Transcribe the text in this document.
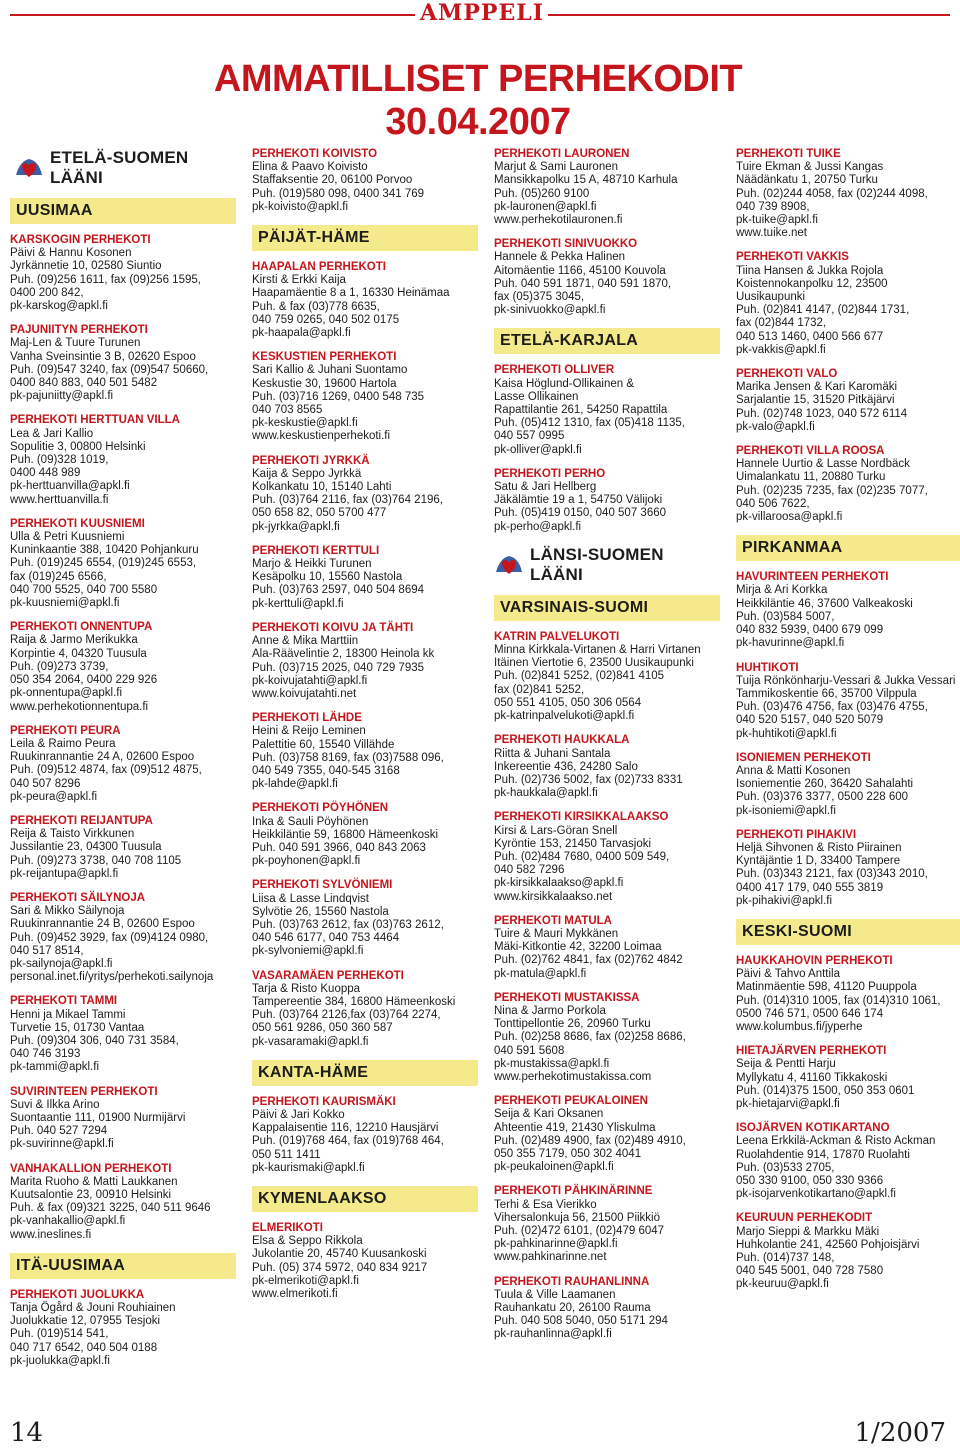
AMPPELI
AMMATILLISET PERHEKODIT 30.04.2007
ETELÄ-SUOMEN LÄÄNI
UUSIMAA
KARSKOGIN PERHEKOTI
Päivi & Hannu Kosonen
Jyrkännetie 10, 02580 Siuntio
Puh. (09)256 1611, fax (09)256 1595,
0400 200 842,
pk-karskog@apkl.fi
PAJUNIITYN PERHEKOTI
Maj-Len & Tuure Turunen
Vanha Sveinsintie 3 B, 02620 Espoo
Puh. (09)547 3240, fax (09)547 50660,
0400 840 883, 040 501 5482
pk-pajuniitty@apkl.fi
PERHEKOTI HERTTUAN VILLA
Lea & Jari Kallio
Sopulitie 3, 00800 Helsinki
Puh. (09)328 1019,
0400 448 989
pk-herttuanvilla@apkl.fi
www.herttuanvilla.fi
PERHEKOTI KUUSNIEMI
Ulla & Petri Kuusniemi
Kuninkaantie 388, 10420 Pohjankuru
Puh. (019)245 6554, (019)245 6553,
fax (019)245 6566,
040 700 5525, 040 700 5580
pk-kuusniemi@apkl.fi
PERHEKOTI ONNENTUPA
Raija & Jarmo Merikukka
Korpintie 4, 04320 Tuusula
Puh. (09)273 3739,
050 354 2064, 0400 229 926
pk-onnentupa@apkl.fi
www.perhekotionnentupa.fi
PERHEKOTI PEURA
Leila & Raimo Peura
Ruukinrannantie 24 A, 02600 Espoo
Puh. (09)512 4874, fax (09)512 4875,
040 507 8296
pk-peura@apkl.fi
PERHEKOTI REIJANTUPA
Reija & Taisto Virkkunen
Jussilantie 23, 04300 Tuusula
Puh. (09)273 3738, 040 708 1105
pk-reijantupa@apkl.fi
PERHEKOTI SÄILYNOJA
Sari & Mikko Säilynoja
Ruukinrannantie 24 B, 02600 Espoo
Puh. (09)452 3929, fax (09)4124 0980,
040 517 8514,
pk-sailynoja@apkl.fi
personal.inet.fi/yritys/perhekoti.sailynoja
PERHEKOTI TAMMI
Henni ja Mikael Tammi
Turvetie 15, 01730 Vantaa
Puh. (09)304 306, 040 731 3584,
040 746 3193
pk-tammi@apkl.fi
SUVIRINTEEN PERHEKOTI
Suvi & Ilkka Arino
Suontaantie 111, 01900 Nurmijärvi
Puh. 040 527 7294
pk-suvirinne@apkl.fi
VANHAKALLION PERHEKOTI
Marita Ruoho & Matti Laukkanen
Kuutsalontie 23, 00910 Helsinki
Puh. & fax (09)321 3225, 040 511 9646
pk-vanhakallio@apkl.fi
www.ineslines.fi
ITÄ-UUSIMAA
PERHEKOTI JUOLUKKA
Tanja Ögård & Jouni Rouhiainen
Juolukkatie 12, 07955 Tesjoki
Puh. (019)514 541,
040 717 6542, 040 504 0188
pk-juolukka@apkl.fi
PERHEKOTI KOIVISTO
Elina & Paavo Koivisto
Staffaksentie 20, 06100 Porvoo
Puh. (019)580 098, 0400 341 769
pk-koivisto@apkl.fi
PÄIJÄT-HÄME
HAAPALAN PERHEKOTI
Kirsti & Erkki Kaija
Haapamäentie 8 a 1, 16330 Heinämaa
Puh. & fax (03)778 6635,
040 759 0265, 040 502 0175
pk-haapala@apkl.fi
KESKUSTIEN PERHEKOTI
Sari Kallio & Juhani Suontamo
Keskustie 30, 19600 Hartola
Puh. (03)716 1269, 0400 548 735
040 703 8565
pk-keskustie@apkl.fi
www.keskustienperhekoti.fi
PERHEKOTI JYRKKÄ
Kaija & Seppo Jyrkkä
Kolkankatu 10, 15140 Lahti
Puh. (03)764 2116, fax (03)764 2196,
050 658 82, 050 5700 477
pk-jyrkka@apkl.fi
PERHEKOTI KERTTULI
Marjo & Heikki Turunen
Kesäpolku 10, 15560 Nastola
Puh. (03)763 2597, 040 504 8694
pk-kerttuli@apkl.fi
PERHEKOTI KOIVU JA TÄHTI
Anne & Mika Marttiin
Ala-Räävelintie 2, 18300 Heinola kk
Puh. (03)715 2025, 040 729 7935
pk-koivujatahti@apkl.fi
www.koivujatahti.net
PERHEKOTI LÄHDE
Heini & Reijo Leminen
Palettitie 60, 15540 Villähde
Puh. (03)758 8169, fax (03)7588 096,
040 549 7355, 040-545 3168
pk-lahde@apkl.fi
PERHEKOTI PÖYHÖNEN
Inka & Sauli Pöyhönen
Heikkiläntie 59, 16800 Hämeenkoski
Puh. 040 591 3966, 040 843 2063
pk-poyhonen@apkl.fi
PERHEKOTI SYLVÖNIEMI
Liisa & Lasse Lindqvist
Sylvötie 26, 15560 Nastola
Puh. (03)763 2612, fax (03)763 2612,
040 546 6177, 040 753 4464
pk-sylvoniemi@apkl.fi
VASARAMÄEN PERHEKOTI
Tarja & Risto Kuoppa
Tampereentie 384, 16800 Hämeenkoski
Puh. (03)764 2126,fax (03)764 2274,
050 561 9286, 050 360 587
pk-vasaramaki@apkl.fi
KANTA-HÄME
PERHEKOTI KAURISMÄKI
Päivi & Jari Kokko
Kappalaisentie 116, 12210 Hausjärvi
Puh. (019)768 464, fax (019)768 464,
050 511 1411
pk-kaurismaki@apkl.fi
KYMENLAAKSO
ELMERIKOTI
Elsa & Seppo Rikkola
Jukolantie 20, 45740 Kuusankoski
Puh. (05) 374 5972, 040 834 9217
pk-elmerikoti@apkl.fi
www.elmerikoti.fi
PERHEKOTI LAURONEN
Marjut & Sami Lauronen
Mansikkapolku 15 A, 48710 Karhula
Puh. (05)260 9100
pk-lauronen@apkl.fi
www.perhekotilauronen.fi
PERHEKOTI SINIVUOKKO
Hannele & Pekka Halinen
Aitomäentie 1166, 45100 Kouvola
Puh. 040 591 1871, 040 591 1870,
fax (05)375 3045,
pk-sinivuokko@apkl.fi
ETELÄ-KARJALA
PERHEKOTI OLLIVER
Kaisa Höglund-Ollikainen &
Lasse Ollikainen
Rapattilantie 261, 54250 Rapattila
Puh. (05)412 1310, fax (05)418 1135,
040 557 0995
pk-olliver@apkl.fi
PERHEKOTI PERHO
Satu & Jari Hellberg
Jäkälämtie 19 a 1, 54750 Välijoki
Puh. (05)419 0150, 040 507 3660
pk-perho@apkl.fi
LÄNSI-SUOMEN LÄÄNI
VARSINAIS-SUOMI
KATRIN PALVELUKOTI
Minna Kirkkala-Virtanen & Harri Virtanen
Itäinen Viertotie 6, 23500 Uusikaupunki
Puh. (02)841 5252, (02)841 4105
fax (02)841 5252,
050 551 4105, 050 306 0564
pk-katrinpalvelukoti@apkl.fi
PERHEKOTI HAUKKALA
Riitta & Juhani Santala
Inkereentie 436, 24280 Salo
Puh. (02)736 5002, fax (02)733 8331
pk-haukkala@apkl.fi
PERHEKOTI KIRSIKKALAAKSO
Kirsi & Lars-Göran Snell
Kyröntie 153, 21450 Tarvasjoki
Puh. (02)484 7680, 0400 509 549,
040 582 7296
pk-kirsikkalaakso@apkl.fi
www.kirsikkalaakso.net
PERHEKOTI MATULA
Tuire & Mauri Mykkänen
Mäki-Kitkontie 42, 32200 Loimaa
Puh. (02)762 4841, fax (02)762 4842
pk-matula@apkl.fi
PERHEKOTI MUSTAKISSA
Nina & Jarmo Porkola
Tonttipellontie 26, 20960 Turku
Puh. (02)258 8686, fax (02)258 8686,
040 591 5608
pk-mustakissa@apkl.fi
www.perhekotimustakissa.com
PERHEKOTI PEUKALOINEN
Seija & Kari Oksanen
Ahteentie 419, 21430 Yliskulma
Puh. (02)489 4900, fax (02)489 4910,
050 355 7179, 050 302 4041
pk-peukaloinen@apkl.fi
PERHEKOTI PÄHKINÄRINNE
Terhi & Esa Vierikko
Vihersalonkuja 56, 21500 Piikkiö
Puh. (02)472 6101, (02)479 6047
pk-pahkinarinne@apkl.fi
www.pahkinarinne.net
PERHEKOTI RAUHANLINNA
Tuula & Ville Laamanen
Rauhankatu 20, 26100 Rauma
Puh. 040 508 5040, 050 5171 294
pk-rauhanlinna@apkl.fi
PERHEKOTI TUIKE
Tuire Ekman & Jussi Kangas
Näädänkatu 1, 20750 Turku
Puh. (02)244 4058, fax (02)244 4098,
040 739 8908,
pk-tuike@apkl.fi
www.tuike.net
PERHEKOTI VAKKIS
Tiina Hansen & Jukka Rojola
Koistennokanpolku 12, 23500
Uusikaupunki
Puh. (02)841 4147, (02)844 1731,
fax (02)844 1732,
040 513 1460, 0400 566 677
pk-vakkis@apkl.fi
PERHEKOTI VALO
Marika Jensen & Kari Karomäki
Sarjalantie 15, 31520 Pitkäjärvi
Puh. (02)748 1023, 040 572 6114
pk-valo@apkl.fi
PERHEKOTI VILLA ROOSA
Hannele Uurtio & Lasse Nordbäck
Uimalankatu 11, 20880 Turku
Puh. (02)235 7235, fax (02)235 7077,
040 506 7622,
pk-villaroosa@apkl.fi
PIRKANMAA
HAVURINTEEN PERHEKOTI
Mirja & Ari Korkka
Heikkiläntie 46, 37600 Valkeakoski
Puh. (03)584 5007,
040 832 5939, 0400 679 099
pk-havurinne@apkl.fi
HUHTIKOTI
Tuija Rönkönharju-Vessari & Jukka Vessari
Tammikoskentie 66, 35700 Vilppula
Puh. (03)476 4756, fax (03)476 4755,
040 520 5157, 040 520 5079
pk-huhtikoti@apkl.fi
ISONIEMEN PERHEKOTI
Anna & Matti Kosonen
Isoniementie 260, 36420 Sahalahti
Puh. (03)376 3377, 0500 228 600
pk-isoniemi@apkl.fi
PERHEKOTI PIHAKIVI
Heljä Sihvonen & Risto Piirainen
Kyntäjäntie 1 D, 33400 Tampere
Puh. (03)343 2121, fax (03)343 2010,
0400 417 179, 040 555 3819
pk-pihakivi@apkl.fi
KESKI-SUOMI
HAUKKAHOVIN PERHEKOTI
Päivi & Tahvo Anttila
Matinmäentie 598, 41120 Puuppola
Puh. (014)310 1005, fax (014)310 1061,
0500 746 571, 0500 646 174
www.kolumbus.fi/jyperhe
HIETAJÄRVEN PERHEKOTI
Seija & Pentti Harju
Myllykatu 4, 41160 Tikkakoski
Puh. (014)375 1500, 050 353 0601
pk-hietajarvi@apkl.fi
ISOJÄRVEN KOTIKARTANO
Leena Erkkilä-Ackman & Risto Ackman
Ruolahdentie 914, 17870 Ruolahti
Puh. (03)533 2705,
050 330 9100, 050 330 9366
pk-isojarvenkotikartano@apkl.fi
KEURUUN PERHEKODIT
Marjo Sieppi & Markku Mäki
Huhkolantie 241, 42560 Pohjoisjärvi
Puh. (014)737 148,
040 545 5001, 040 728 7580
pk-keuruu@apkl.fi
14	1/2007
